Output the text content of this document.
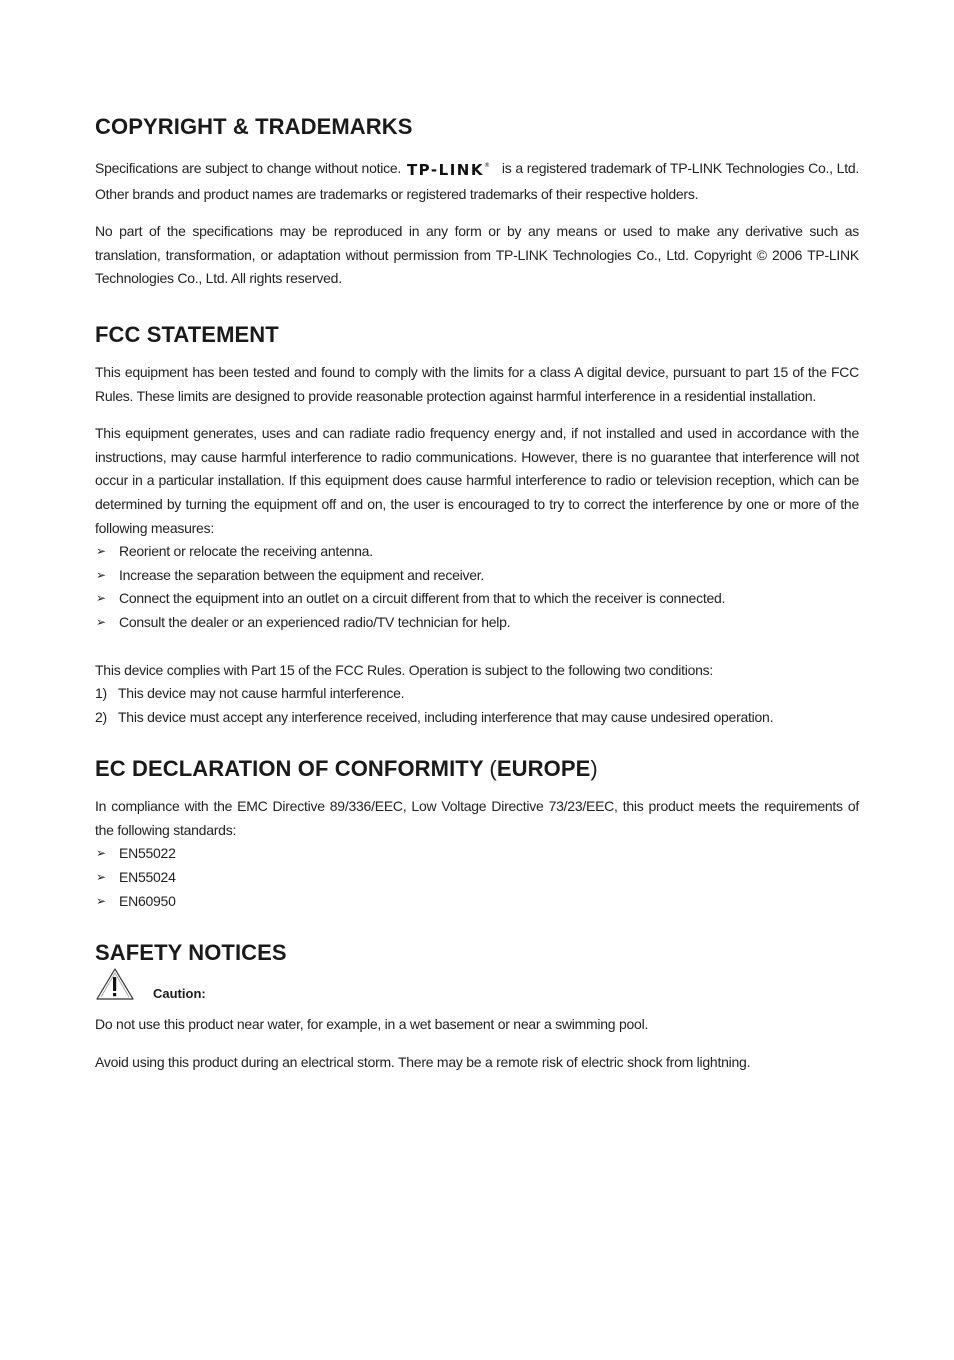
COPYRIGHT & TRADEMARKS

Specifications are subject to change without notice. TP-LINK® is a registered trademark of TP-LINK Technologies Co., Ltd. Other brands and product names are trademarks or registered trademarks of their respective holders.

No part of the specifications may be reproduced in any form or by any means or used to make any derivative such as translation, transformation, or adaptation without permission from TP-LINK Technologies Co., Ltd. Copyright © 2006 TP-LINK Technologies Co., Ltd. All rights reserved.

FCC STATEMENT

This equipment has been tested and found to comply with the limits for a class A digital device, pursuant to part 15 of the FCC Rules. These limits are designed to provide reasonable protection against harmful interference in a residential installation.

This equipment generates, uses and can radiate radio frequency energy and, if not installed and used in accordance with the instructions, may cause harmful interference to radio communications. However, there is no guarantee that interference will not occur in a particular installation. If this equipment does cause harmful interference to radio or television reception, which can be determined by turning the equipment off and on, the user is encouraged to try to correct the interference by one or more of the following measures:

➢ Reorient or relocate the receiving antenna.
➢ Increase the separation between the equipment and receiver.
➢ Connect the equipment into an outlet on a circuit different from that to which the receiver is connected.
➢ Consult the dealer or an experienced radio/TV technician for help.

This device complies with Part 15 of the FCC Rules. Operation is subject to the following two conditions:

1) This device may not cause harmful interference.
2) This device must accept any interference received, including interference that may cause undesired operation.
EC DECLARATION OF CONFORMITY (EUROPE)

In compliance with the EMC Directive 89/336/EEC, Low Voltage Directive 73/23/EEC, this product meets the requirements of the following standards:

➢ EN55022
➢ EN55024
➢ EN60950
SAFETY NOTICES
Caution:

Do not use this product near water, for example, in a wet basement or near a swimming pool.

Avoid using this product during an electrical storm. There may be a remote risk of electric shock from lightning.
